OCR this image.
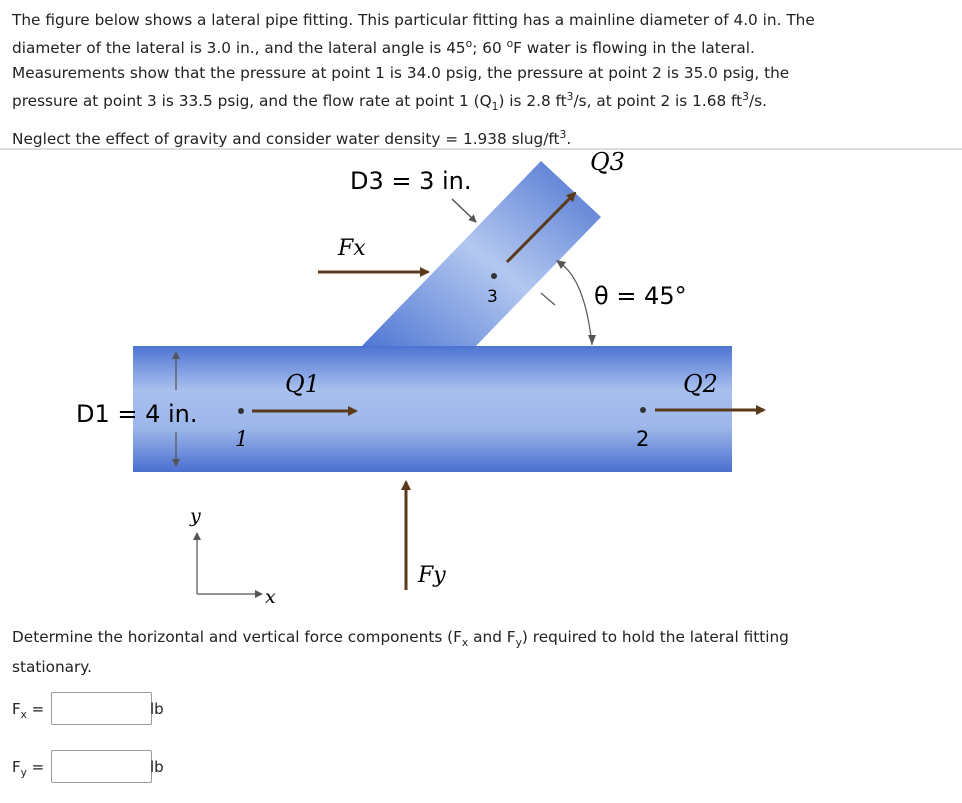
The figure below shows a lateral pipe fitting. This particular fitting has a mainline diameter of 4.0 in. The

diameter of the lateral is 3.0 in., and the lateral angle is 45$^o$; 60 $^o$F water is flowing in the lateral.

Measurements show that the pressure at point 1 is 34.0 psig, the pressure at point 2 is 35.0 psig, the

pressure at point 3 is 33.5 psig, and the flow rate at point 1 $(Q_1)$ is 2.8 $ft^3/s$, at point 2 is 1.68 $ft^3/s$.

Neglect the effect of gravity and consider water density = 1.938 slug/$ft^3$.

3
D3 = 3 in.
Q3
Fx
θ = 45°
D1 = 4 in.
1
Q1
2
Q2
y
x
Fy
Determine the horizontal and vertical force components ($F_x$ and $F_y$) required to hold the lateral fitting stationary.
$F_x$ =	lb
$F_y$ =	lb
